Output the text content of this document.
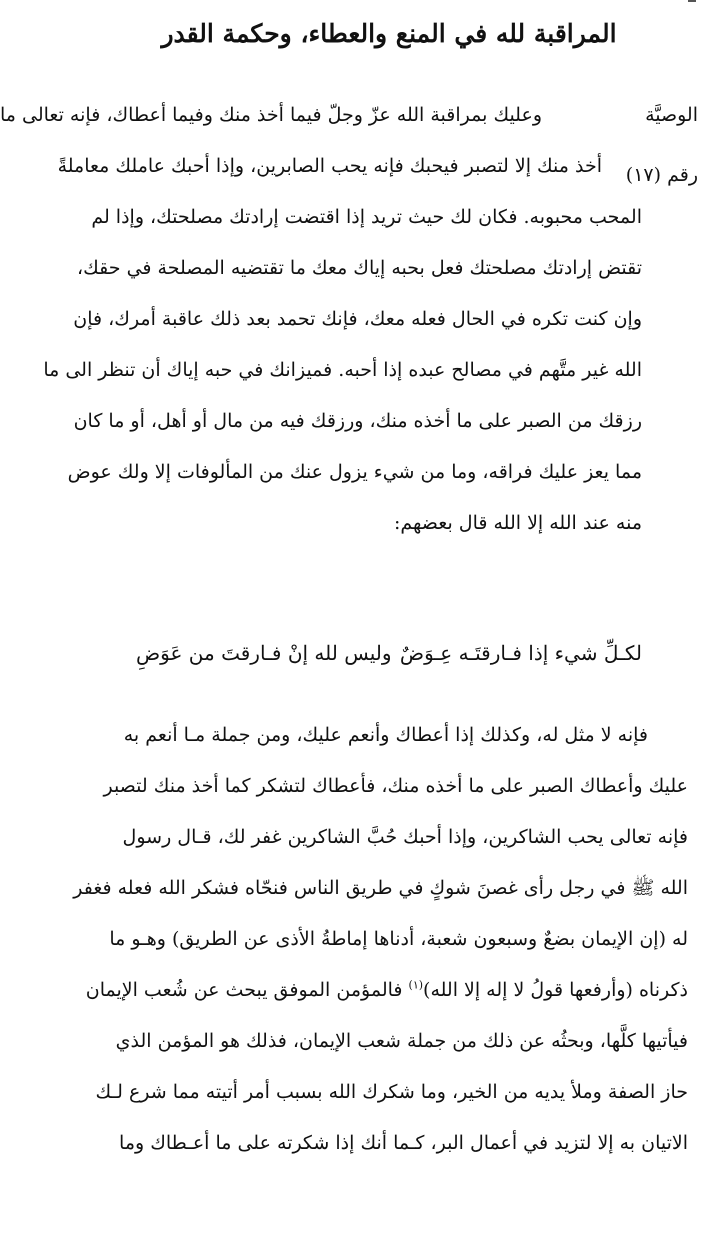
المراقبة لله في المنع والعطاء، وحكمة القدر
الوصيَّة
رقم (١٧)
وعليك بمراقبة الله عزّ وجلّ فيما أخذ منك وفيما أعطاك، فإنه تعالى ما
أخذ منك إلا لتصبر فيحبك فإنه يحب الصابرين، وإذا أحبك عاملك معاملةً
المحب محبوبه. فكان لك حيث تريد إذا اقتضت إرادتك مصلحتك، وإذا لم
تقتض إرادتك مصلحتك فعل بحبه إياك معك ما تقتضيه المصلحة في حقك،
وإن كنت تكره في الحال فعله معك، فإنك تحمد بعد ذلك عاقبة أمرك، فإن
الله غير متَّهم في مصالح عبده إذا أحبه. فميزانك في حبه إياك أن تنظر الى ما
رزقك من الصبر على ما أخذه منك، ورزقك فيه من مال أو أهل، أو ما كان
مما يعز عليك فراقه، وما من شيء يزول عنك من المألوفات إلا ولك عوض
منه عند الله إلا الله قال بعضهم:
لكـلِّ شيء إذا فـارقتَـه عِـوَضٌ
وليس لله إنْ فـارقتَ من عَوَضِ
فإنه لا مثل له، وكذلك إذا أعطاك وأنعم عليك، ومن جملة مـا أنعم به
عليك وأعطاك الصبر على ما أخذه منك، فأعطاك لتشكر كما أخذ منك لتصبر
فإنه تعالى يحب الشاكرين، وإذا أحبك حُبَّ الشاكرين غفر لك، قـال رسول
الله ﷺ في رجل رأى غصنَ شوكٍ في طريق الناس فنحّاه فشكر الله فعله فغفر
له (إن الإيمان بضعٌ وسبعون شعبة، أدناها إماطةُ الأذى عن الطريق) وهـو ما
ذكرناه (وأرفعها قولُ لا إله إلا الله)$^{(١)}$ فالمؤمن الموفق يبحث عن شُعب الإيمان
فيأتيها كلَّها، وبحثُه عن ذلك من جملة شعب الإيمان، فذلك هو المؤمن الذي
حاز الصفة وملأ يديه من الخير، وما شكرك الله بسبب أمر أتيته مما شرع لـك
الاتيان به إلا لتزيد في أعمال البر، كـما أنك إذا شكرته على ما أعـطاك وما
